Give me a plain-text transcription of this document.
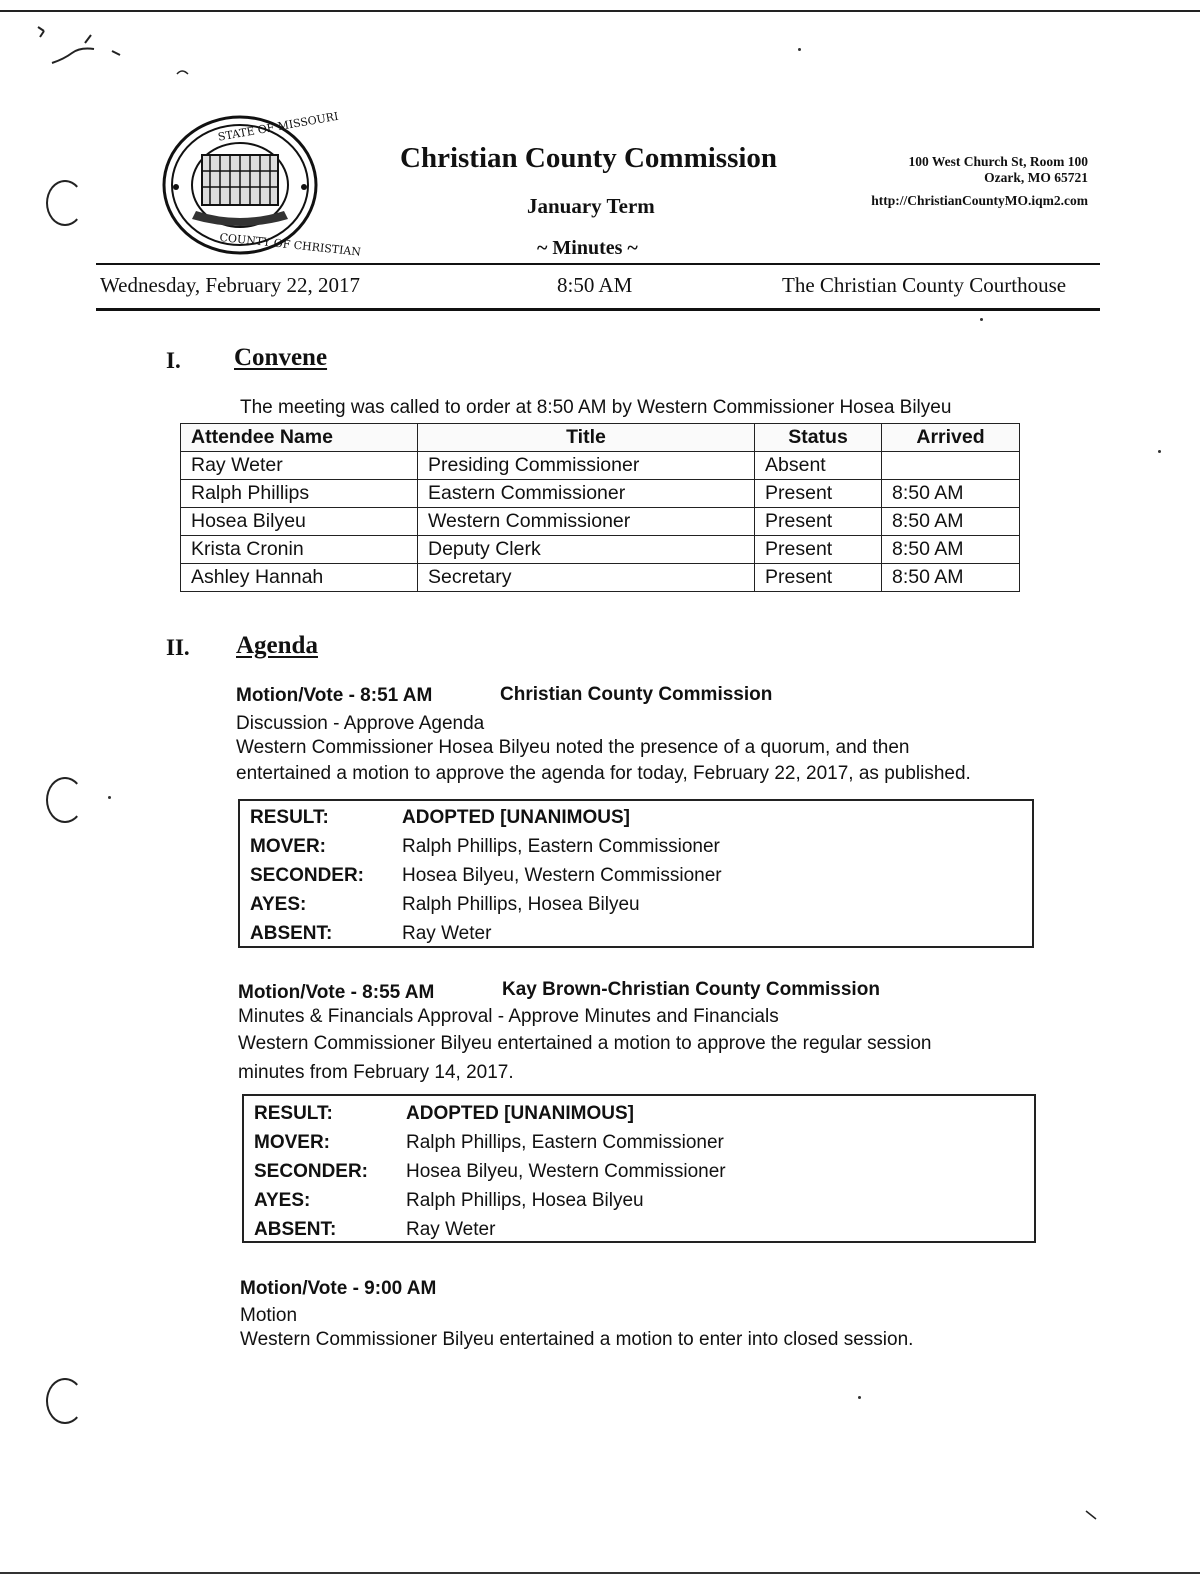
STATE OF MISSOURI
COUNTY OF CHRISTIAN
Christian County Commission
January Term
~ Minutes ~
100 West Church St, Room 100
Ozark, MO 65721
http://ChristianCountyMO.iqm2.com
Wednesday, February 22, 2017	8:50 AM	The Christian County Courthouse
I. Convene
The meeting was called to order at 8:50 AM by Western Commissioner Hosea Bilyeu
Attendee Name	Title	Status	Arrived
Ray Weter	Presiding Commissioner	Absent	
Ralph Phillips	Eastern Commissioner	Present	8:50 AM
Hosea Bilyeu	Western Commissioner	Present	8:50 AM
Krista Cronin	Deputy Clerk	Present	8:50 AM
Ashley Hannah	Secretary	Present	8:50 AM
II. Agenda
Motion/Vote - 8:51 AM	Christian County Commission
Discussion - Approve Agenda
Western Commissioner Hosea Bilyeu noted the presence of a quorum, and then
entertained a motion to approve the agenda for today, February 22, 2017, as published.
RESULT:	ADOPTED [UNANIMOUS]
MOVER:	Ralph Phillips, Eastern Commissioner
SECONDER: Hosea Bilyeu, Western Commissioner
AYES:	Ralph Phillips, Hosea Bilyeu
ABSENT:	Ray Weter
Motion/Vote - 8:55 AM	Kay Brown-Christian County Commission
Minutes & Financials Approval - Approve Minutes and Financials
Western Commissioner Bilyeu entertained a motion to approve the regular session
minutes from February 14, 2017.
RESULT:	ADOPTED [UNANIMOUS]
MOVER:	Ralph Phillips, Eastern Commissioner
SECONDER: Hosea Bilyeu, Western Commissioner
AYES:	Ralph Phillips, Hosea Bilyeu
ABSENT:	Ray Weter
Motion/Vote - 9:00 AM
Motion
Western Commissioner Bilyeu entertained a motion to enter into closed session.
